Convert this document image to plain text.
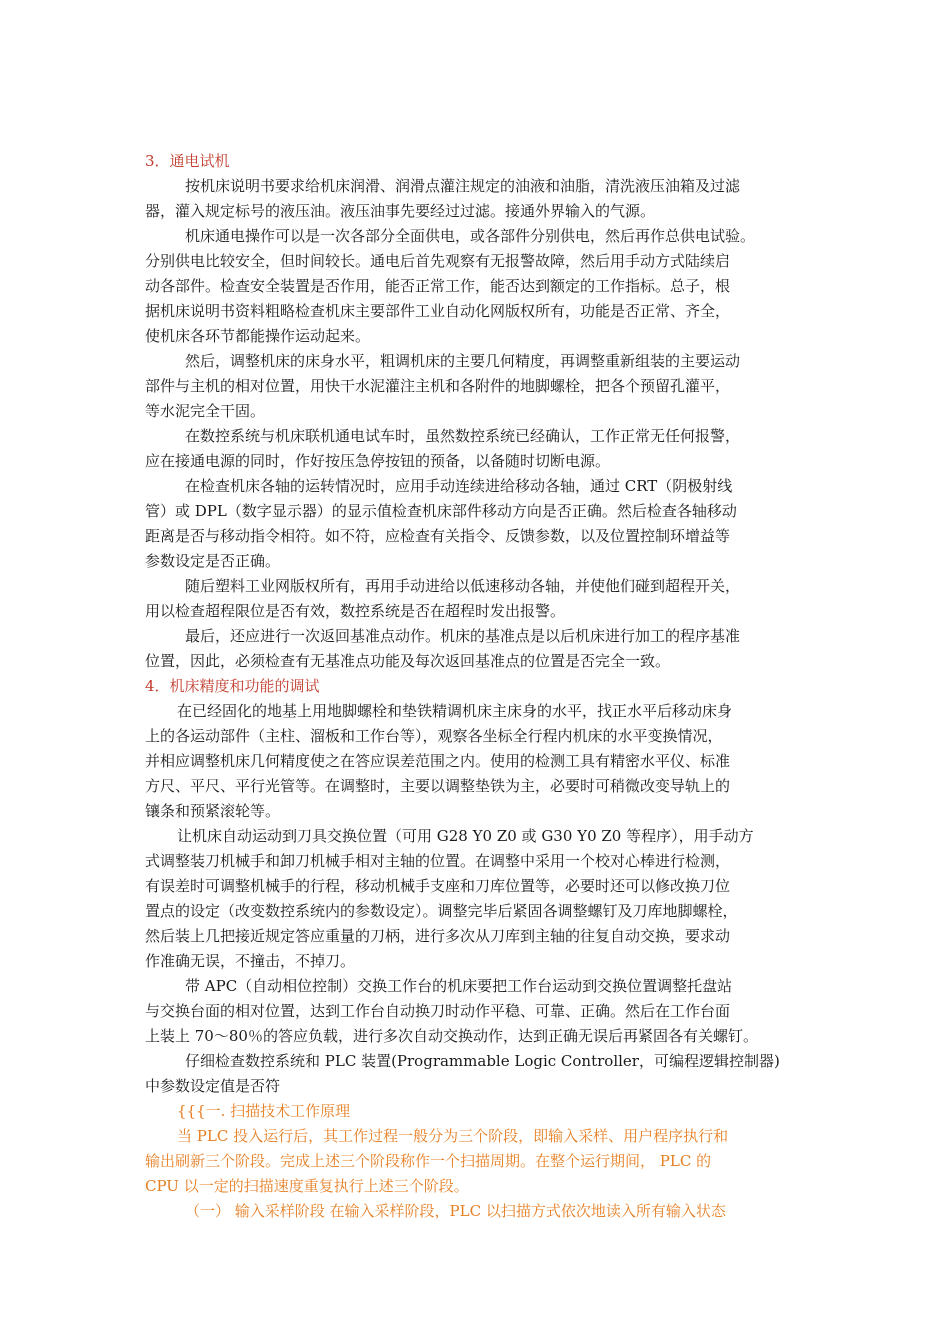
3．通电试机
按机床说明书要求给机床润滑、润滑点灌注规定的油液和油脂，清洗液压油箱及过滤
器，灌入规定标号的液压油。液压油事先要经过过滤。接通外界输入的气源。
机床通电操作可以是一次各部分全面供电，或各部件分别供电，然后再作总供电试验。
分别供电比较安全，但时间较长。通电后首先观察有无报警故障，然后用手动方式陆续启
动各部件。检查安全装置是否作用，能否正常工作，能否达到额定的工作指标。总子，根
据机床说明书资料粗略检查机床主要部件工业自动化网版权所有，功能是否正常、齐全，
使机床各环节都能操作运动起来。
然后，调整机床的床身水平，粗调机床的主要几何精度，再调整重新组装的主要运动
部件与主机的相对位置，用快干水泥灌注主机和各附件的地脚螺栓，把各个预留孔灌平，
等水泥完全干固。
在数控系统与机床联机通电试车时，虽然数控系统已经确认，工作正常无任何报警，
应在接通电源的同时，作好按压急停按钮的预备，以备随时切断电源。
在检查机床各轴的运转情况时，应用手动连续进给移动各轴，通过 CRT（阴极射线
管）或 DPL（数字显示器）的显示值检查机床部件移动方向是否正确。然后检查各轴移动
距离是否与移动指令相符。如不符，应检查有关指令、反馈参数，以及位置控制环增益等
参数设定是否正确。
随后塑料工业网版权所有，再用手动进给以低速移动各轴，并使他们碰到超程开关，
用以检查超程限位是否有效，数控系统是否在超程时发出报警。
最后，还应进行一次返回基准点动作。机床的基准点是以后机床进行加工的程序基准
位置，因此，必须检查有无基准点功能及每次返回基准点的位置是否完全一致。
4．机床精度和功能的调试
在已经固化的地基上用地脚螺栓和垫铁精调机床主床身的水平，找正水平后移动床身
上的各运动部件（主柱、溜板和工作台等），观察各坐标全行程内机床的水平变换情况，
并相应调整机床几何精度使之在答应误差范围之内。使用的检测工具有精密水平仪、标准
方尺、平尺、平行光管等。在调整时，主要以调整垫铁为主，必要时可稍微改变导轨上的
镶条和预紧滚轮等。
让机床自动运动到刀具交换位置（可用 G28 Y0 Z0 或 G30 Y0 Z0 等程序），用手动方
式调整装刀机械手和卸刀机械手相对主轴的位置。在调整中采用一个校对心棒进行检测，
有误差时可调整机械手的行程，移动机械手支座和刀库位置等，必要时还可以修改换刀位
置点的设定（改变数控系统内的参数设定）。调整完毕后紧固各调整螺钉及刀库地脚螺栓，
然后装上几把接近规定答应重量的刀柄，进行多次从刀库到主轴的往复自动交换，要求动
作准确无误，不撞击，不掉刀。
带 APC（自动相位控制）交换工作台的机床要把工作台运动到交换位置调整托盘站
与交换台面的相对位置，达到工作台自动换刀时动作平稳、可靠、正确。然后在工作台面
上装上 70～80％的答应负载，进行多次自动交换动作，达到正确无误后再紧固各有关螺钉。
仔细检查数控系统和 PLC 装置(Programmable Logic Controller，可编程逻辑控制器)
中参数设定值是否符
{{{一. 扫描技术工作原理
当 PLC 投入运行后，其工作过程一般分为三个阶段，即输入采样、用户程序执行和
输出刷新三个阶段。完成上述三个阶段称作一个扫描周期。在整个运行期间， PLC 的
CPU 以一定的扫描速度重复执行上述三个阶段。
（一） 输入采样阶段 在输入采样阶段，PLC 以扫描方式依次地读入所有输入状态
